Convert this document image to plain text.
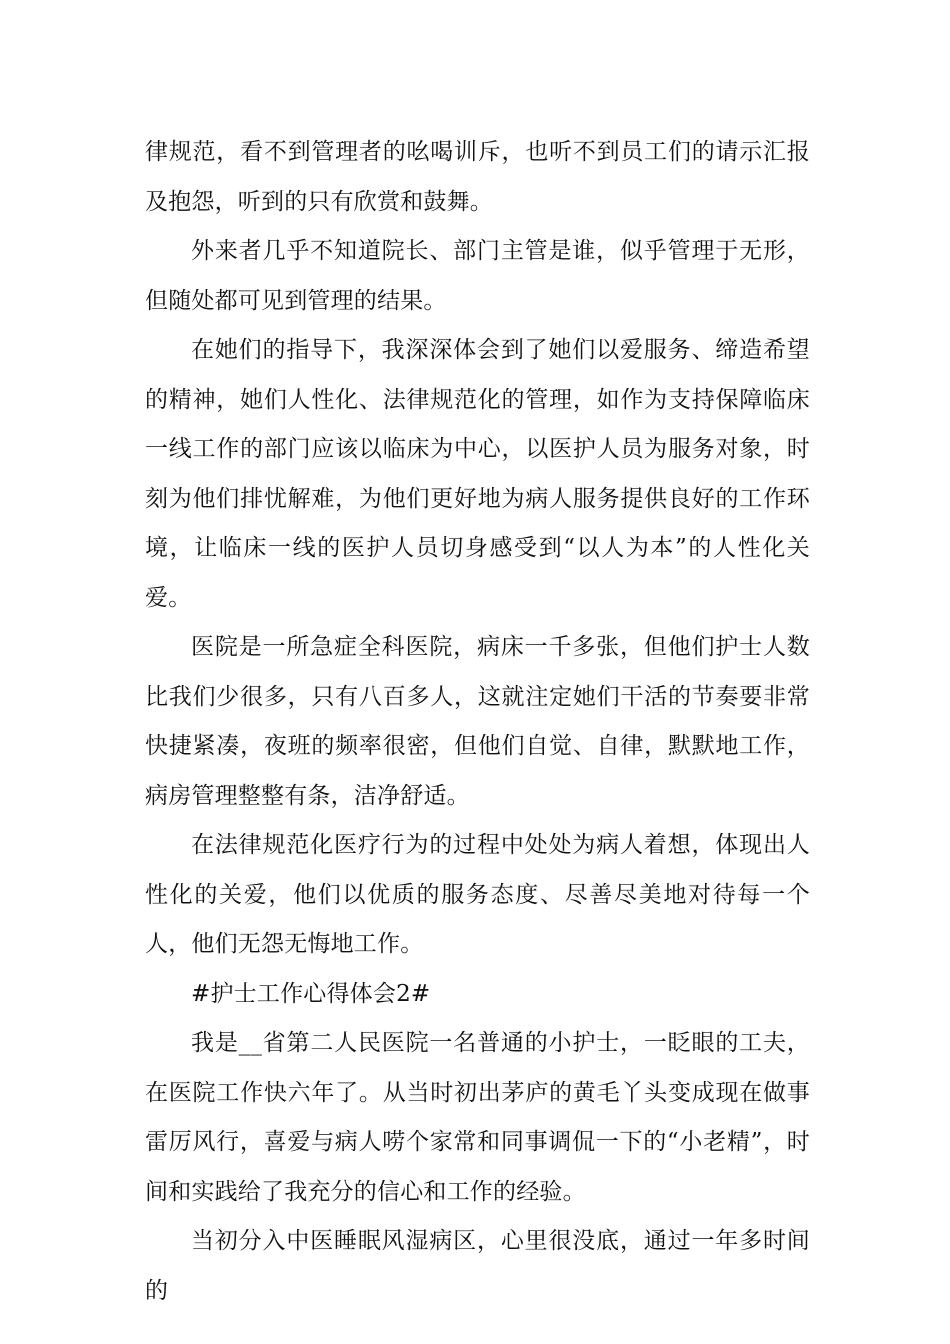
律规范，看不到管理者的吆喝训斥，也听不到员工们的请示汇报及抱怨，听到的只有欣赏和鼓舞。

外来者几乎不知道院长、部门主管是谁，似乎管理于无形，但随处都可见到管理的结果。

在她们的指导下，我深深体会到了她们以爱服务、缔造希望的精神，她们人性化、法律规范化的管理，如作为支持保障临床一线工作的部门应该以临床为中心，以医护人员为服务对象，时刻为他们排忧解难，为他们更好地为病人服务提供良好的工作环境，让临床一线的医护人员切身感受到“以人为本”的人性化关爱。

医院是一所急症全科医院，病床一千多张，但他们护士人数比我们少很多，只有八百多人，这就注定她们干活的节奏要非常快捷紧凑，夜班的频率很密，但他们自觉、自律，默默地工作，病房管理整整有条，洁净舒适。

在法律规范化医疗行为的过程中处处为病人着想，体现出人性化的关爱，他们以优质的服务态度、尽善尽美地对待每一个人，他们无怨无悔地工作。

#护士工作心得体会2#

我是__省第二人民医院一名普通的小护士，一眨眼的工夫，在医院工作快六年了。从当时初出茅庐的黄毛丫头变成现在做事雷厉风行，喜爱与病人唠个家常和同事调侃一下的“小老精”，时间和实践给了我充分的信心和工作的经验。

当初分入中医睡眠风湿病区，心里很没底，通过一年多时间的
